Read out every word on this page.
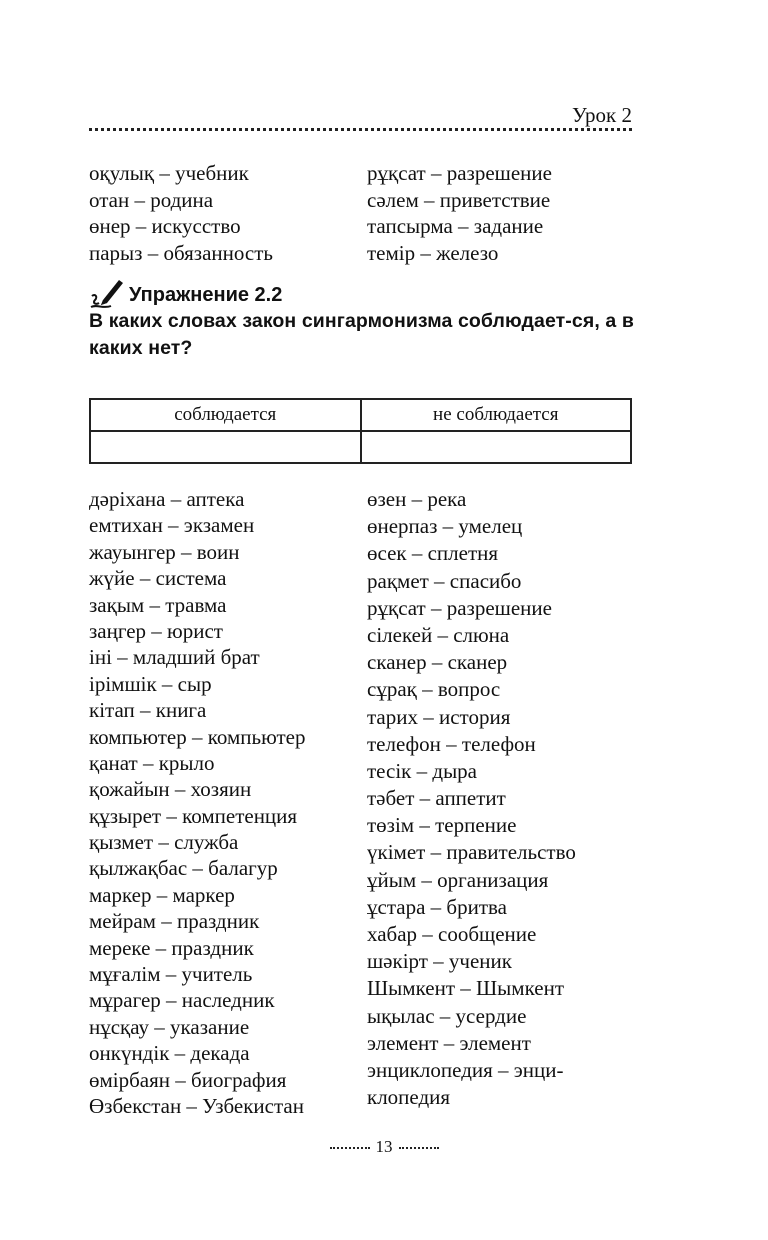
Урок 2
оқулық – учебник
отан – родина
өнер – искусство
парыз – обязанность
рұқсат – разрешение
сәлем – приветствие
тапсырма – задание
темір – железо
Упражнение 2.2
В каких словах закон сингармонизма соблюдает-ся, а в каких нет?
соблюдается	не соблюдается

дәріхана – аптека
емтихан – экзамен
жауынгер – воин
жүйе – система
зақым – травма
заңгер – юрист
іні – младший брат
ірімшік – сыр
кітап – книга
компьютер – компьютер
қанат – крыло
қожайын – хозяин
құзырет – компетенция
қызмет – служба
қылжақбас – балагур
маркер – маркер
мейрам – праздник
мереке – праздник
мұғалім – учитель
мұрагер – наследник
нұсқау – указание
онкүндік – декада
өмірбаян – биография
Өзбекстан – Узбекистан
өзен – река
өнерпаз – умелец
өсек – сплетня
рақмет – спасибо
рұқсат – разрешение
сілекей – слюна
сканер – сканер
сұрақ – вопрос
тарих – история
телефон – телефон
тесік – дыра
тәбет – аппетит
төзім – терпение
үкімет – правительство
ұйым – организация
ұстара – бритва
хабар – сообщение
шәкірт – ученик
Шымкент – Шымкент
ықылас – усердие
элемент – элемент
энциклопедия – энци-
клопедия
13
